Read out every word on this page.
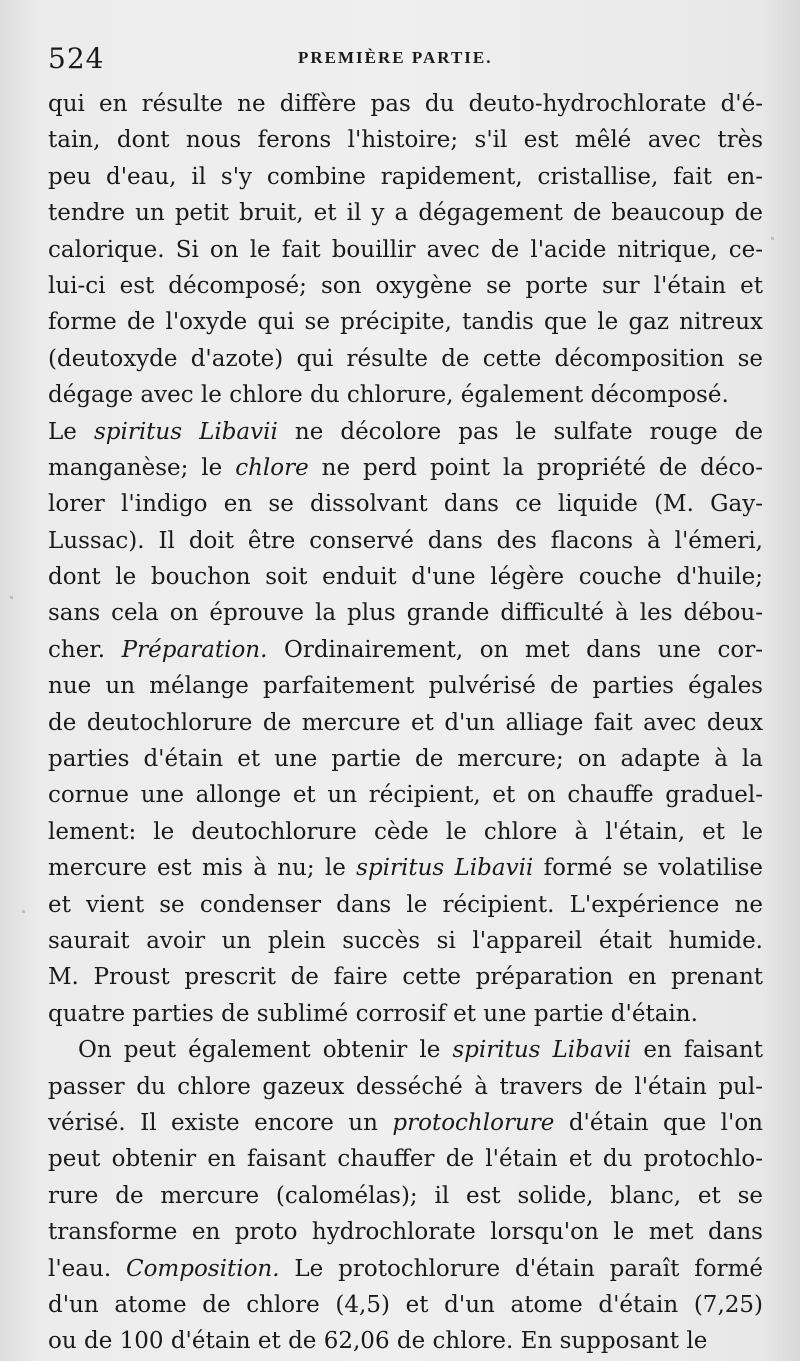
524	PREMIÈRE PARTIE.
qui en résulte ne diffère pas du deuto-hydrochlorate d'é-
tain, dont nous ferons l'histoire; s'il est mêlé avec très
peu d'eau, il s'y combine rapidement, cristallise, fait en-
tendre un petit bruit, et il y a dégagement de beaucoup de
calorique. Si on le fait bouillir avec de l'acide nitrique, ce-
lui-ci est décomposé; son oxygène se porte sur l'étain et
forme de l'oxyde qui se précipite, tandis que le gaz nitreux
(deutoxyde d'azote) qui résulte de cette décomposition se
dégage avec le chlore du chlorure, également décomposé.
Le spiritus Libavii ne décolore pas le sulfate rouge de
manganèse; le chlore ne perd point la propriété de déco-
lorer l'indigo en se dissolvant dans ce liquide (M. Gay-
Lussac). Il doit être conservé dans des flacons à l'émeri,
dont le bouchon soit enduit d'une légère couche d'huile;
sans cela on éprouve la plus grande difficulté à les débou-
cher. Préparation. Ordinairement, on met dans une cor-
nue un mélange parfaitement pulvérisé de parties égales
de deutochlorure de mercure et d'un alliage fait avec deux
parties d'étain et une partie de mercure; on adapte à la
cornue une allonge et un récipient, et on chauffe graduel-
lement: le deutochlorure cède le chlore à l'étain, et le
mercure est mis à nu; le spiritus Libavii formé se volatilise
et vient se condenser dans le récipient. L'expérience ne
saurait avoir un plein succès si l'appareil était humide.
M. Proust prescrit de faire cette préparation en prenant
quatre parties de sublimé corrosif et une partie d'étain.
On peut également obtenir le spiritus Libavii en faisant
passer du chlore gazeux desséché à travers de l'étain pul-
vérisé. Il existe encore un protochlorure d'étain que l'on
peut obtenir en faisant chauffer de l'étain et du protochlo-
rure de mercure (calomélas); il est solide, blanc, et se
transforme en proto hydrochlorate lorsqu'on le met dans
l'eau. Composition. Le protochlorure d'étain paraît formé
d'un atome de chlore (4,5) et d'un atome d'étain (7,25)
ou de 100 d'étain et de 62,06 de chlore. En supposant le
